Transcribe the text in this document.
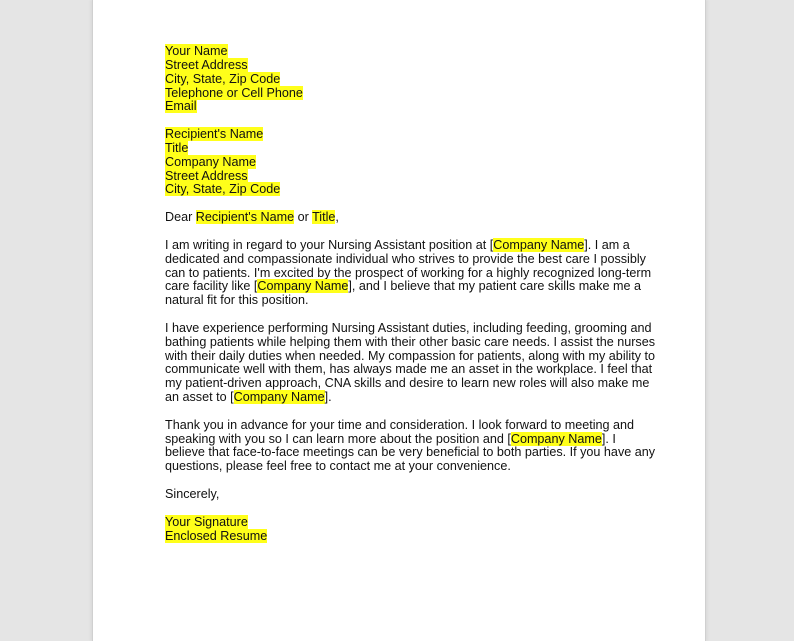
Your Name
Street Address
City, State, Zip Code
Telephone or Cell Phone
Email
Recipient's Name
Title
Company Name
Street Address
City, State, Zip Code
Dear Recipient's Name or Title,
I am writing in regard to your Nursing Assistant position at [Company Name]. I am a
dedicated and compassionate individual who strives to provide the best care I possibly
can to patients. I'm excited by the prospect of working for a highly recognized long-term
care facility like [Company Name], and I believe that my patient care skills make me a
natural fit for this position.
I have experience performing Nursing Assistant duties, including feeding, grooming and
bathing patients while helping them with their other basic care needs. I assist the nurses
with their daily duties when needed. My compassion for patients, along with my ability to
communicate well with them, has always made me an asset in the workplace. I feel that
my patient-driven approach, CNA skills and desire to learn new roles will also make me
an asset to [Company Name].
Thank you in advance for your time and consideration. I look forward to meeting and
speaking with you so I can learn more about the position and [Company Name]. I
believe that face-to-face meetings can be very beneficial to both parties. If you have any
questions, please feel free to contact me at your convenience.
Sincerely,
Your Signature
Enclosed Resume
